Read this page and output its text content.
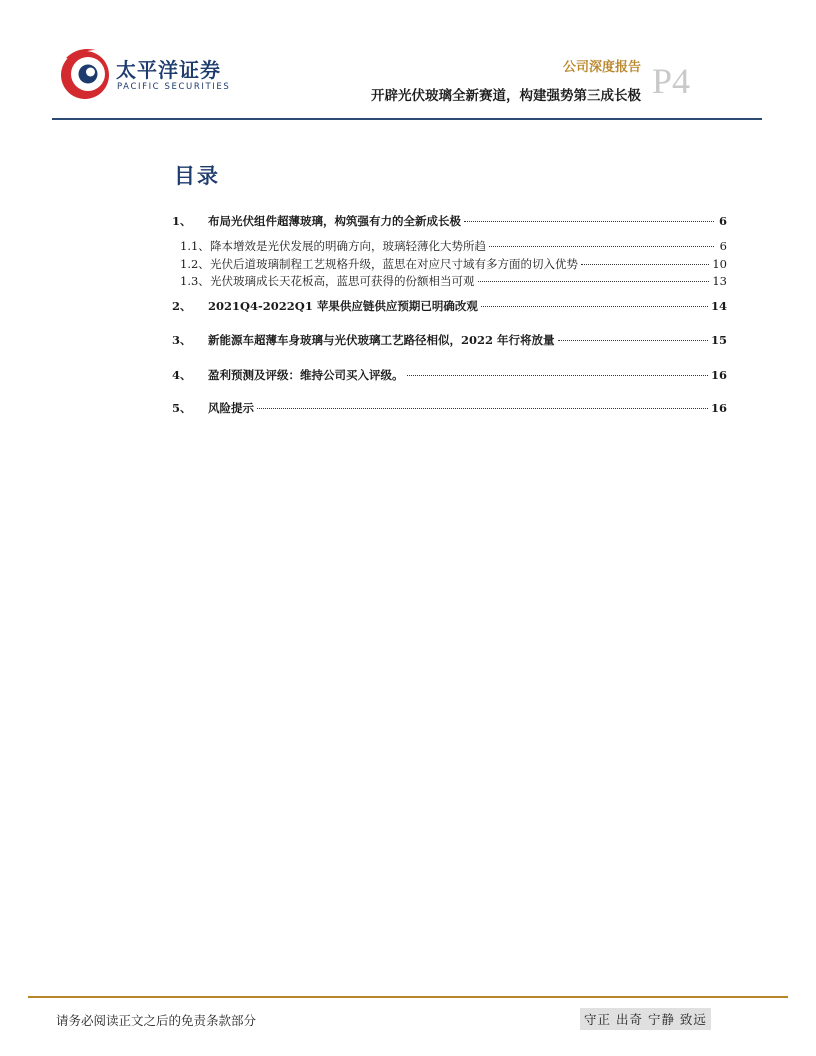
太平洋证券
PACIFIC SECURITIES
公司深度报告
开辟光伏玻璃全新赛道，构建强势第三成长极 P4
目录
1、	布局光伏组件超薄玻璃，构筑强有力的全新成长极	6
1.1、 降本增效是光伏发展的明确方向，玻璃轻薄化大势所趋	6
1.2、 光伏后道玻璃制程工艺规格升级，蓝思在对应尺寸域有多方面的切入优势	10
1.3、 光伏玻璃成长天花板高，蓝思可获得的份额相当可观	13
2、	2021Q4-2022Q1 苹果供应链供应预期已明确改观	14
3、	新能源车超薄车身玻璃与光伏玻璃工艺路径相似，2022 年行将放量	15
4、	盈利预测及评级：维持公司买入评级。	16
5、	风险提示	16
请务必阅读正文之后的免责条款部分	守正 出奇 宁静 致远
